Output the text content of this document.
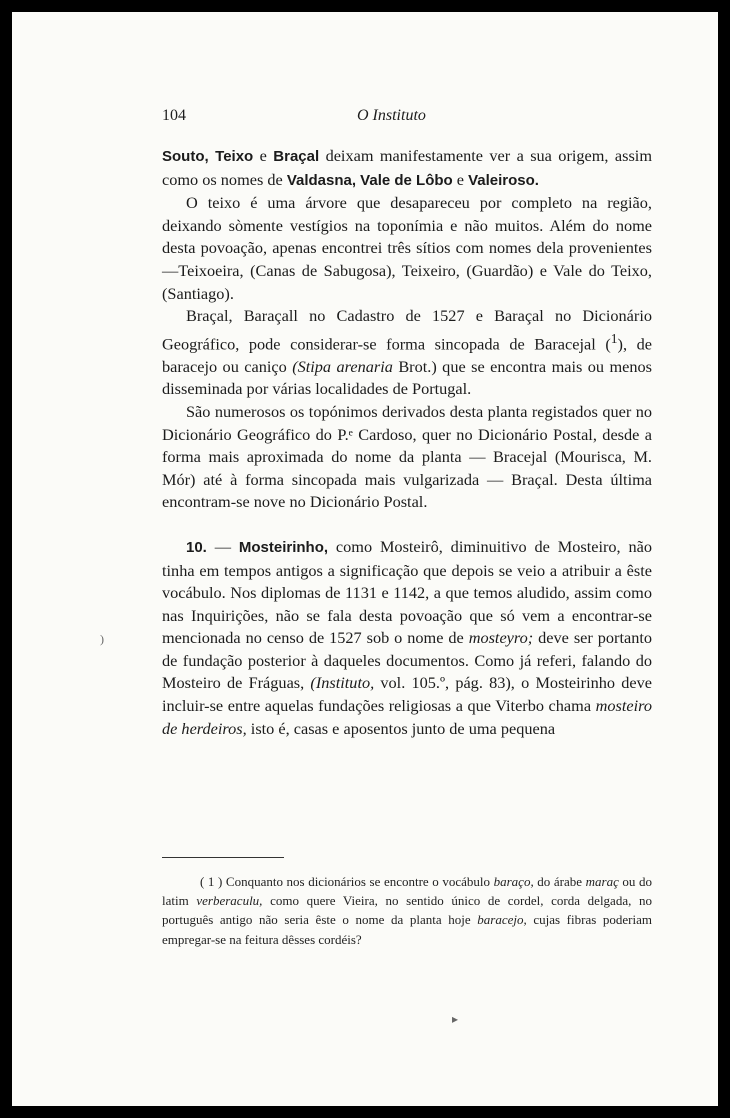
104	O Instituto

Souto, Teixo e Braçal deixam manifestamente ver a sua origem, assim como os nomes de Valdasna, Vale de Lôbo e Valeiroso.

O teixo é uma árvore que desapareceu por completo na região, deixando sòmente vestígios na toponímia e não muitos. Além do nome desta povoação, apenas encontrei três sítios com nomes dela provenientes—Teixoeira, (Canas de Sabugosa), Teixeiro, (Guardão) e Vale do Teixo, (Santiago).

Braçal, Baraçall no Cadastro de 1527 e Baraçal no Dicionário Geográfico, pode considerar-se forma sincopada de Baracejal ($^1$), de baracejo ou caniço (Stipa arenaria Brot.) que se encontra mais ou menos disseminada por várias localidades de Portugal.

São numerosos os topónimos derivados desta planta registados quer no Dicionário Geográfico do P.ᵉ Cardoso, quer no Dicionário Postal, desde a forma mais aproximada do nome da planta — Bracejal (Mourisca, M. Mór) até à forma sincopada mais vulgarizada — Braçal. Desta última encontram-se nove no Dicionário Postal.

10. — Mosteirinho, como Mosteirô, diminuitivo de Mosteiro, não tinha em tempos antigos a significação que depois se veio a atribuir a êste vocábulo. Nos diplomas de 1131 e 1142, a que temos aludido, assim como nas Inquirições, não se fala desta povoação que só vem a encontrar-se mencionada no censo de 1527 sob o nome de mosteyro; deve ser portanto de fundação posterior à daqueles documentos. Como já referi, falando do Mosteiro de Fráguas, (Instituto, vol. 105.º, pág. 83), o Mosteirinho deve incluir-se entre aquelas fundações religiosas a que Viterbo chama mosteiro de herdeiros, isto é, casas e aposentos junto de uma pequena

( 1 ) Conquanto nos dicionários se encontre o vocábulo baraço, do árabe maraç ou do latim verberaculu, como quere Vieira, no sentido único de cordel, corda delgada, no português antigo não seria êste o nome da planta hoje baracejo, cujas fibras poderiam empregar-se na feitura dêsses cordéis?
)
▸
